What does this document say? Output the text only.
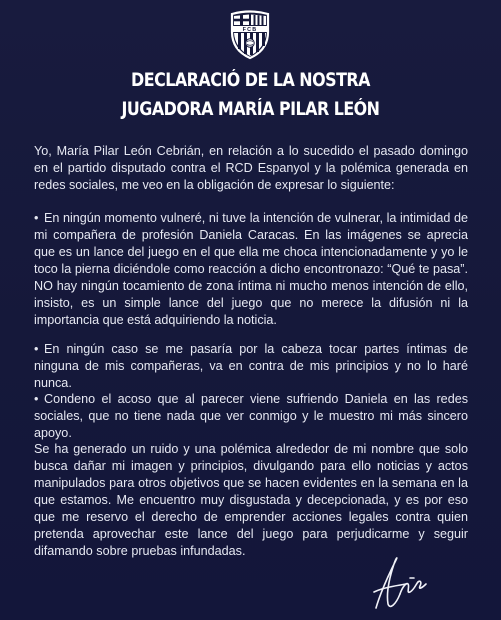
FCB
DECLARACIÓ DE LA NOSTRA
JUGADORA MARÍA PILAR LEÓN

Yo, María Pilar León Cebrián, en relación a lo sucedido el pasado domingo en el partido disputado contra el RCD Espanyol y la polémica generada en redes sociales, me veo en la obligación de expresar lo siguiente:

• En ningún momento vulneré, ni tuve la intención de vulnerar, la intimidad de mi compañera de profesión Daniela Caracas. En las imágenes se aprecia que es un lance del juego en el que ella me choca intencionadamente y yo le toco la pierna diciéndole como reacción a dicho encontronazo: “Qué te pasa”. NO hay ningún tocamiento de zona íntima ni mucho menos intención de ello, insisto, es un simple lance del juego que no merece la difusión ni la importancia que está adquiriendo la noticia.

• En ningún caso se me pasaría por la cabeza tocar partes íntimas de ninguna de mis compañeras, va en contra de mis principios y no lo haré nunca.

• Condeno el acoso que al parecer viene sufriendo Daniela en las redes sociales, que no tiene nada que ver conmigo y le muestro mi más sincero apoyo.

Se ha generado un ruido y una polémica alrededor de mi nombre que solo busca dañar mi imagen y principios, divulgando para ello noticias y actos manipulados para otros objetivos que se hacen evidentes en la semana en la que estamos. Me encuentro muy disgustada y decepcionada, y es por eso que me reservo el derecho de emprender acciones legales contra quien pretenda aprovechar este lance del juego para perjudicarme y seguir difamando sobre pruebas infundadas.
